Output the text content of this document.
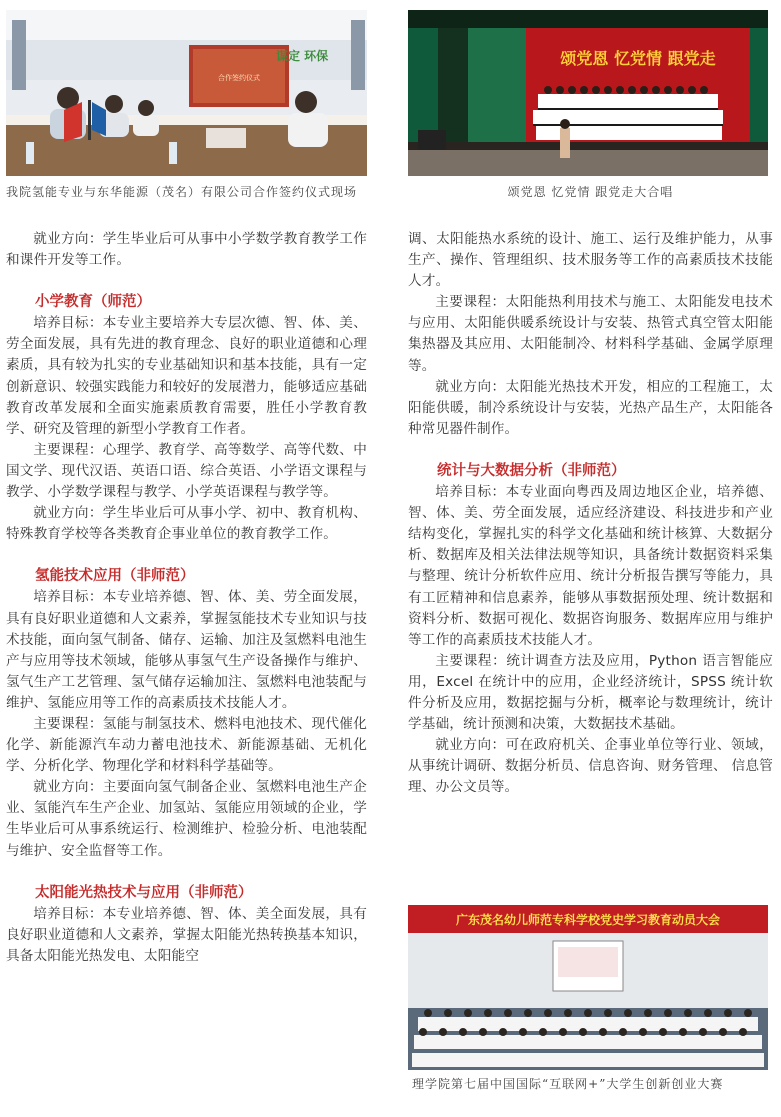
合作签约仪式
谋定 环保

我院氢能专业与东华能源（茂名）有限公司合作签约仪式现场

就业方向：学生毕业后可从事中小学数学教育教学工作和课件开发等工作。

小学教育（师范）

培养目标：本专业主要培养大专层次德、智、体、美、劳全面发展，具有先进的教育理念、良好的职业道德和心理素质，具有较为扎实的专业基础知识和基本技能，具有一定创新意识、较强实践能力和较好的发展潜力，能够适应基础教育改革发展和全面实施素质教育需要，胜任小学教育教学、研究及管理的新型小学教育工作者。

主要课程：心理学、教育学、高等数学、高等代数、中国文学、现代汉语、英语口语、综合英语、小学语文课程与教学、小学数学课程与教学、小学英语课程与教学等。

就业方向：学生毕业后可从事小学、初中、教育机构、特殊教育学校等各类教育企事业单位的教育教学工作。

氢能技术应用（非师范）

培养目标：本专业培养德、智、体、美、劳全面发展，具有良好职业道德和人文素养，掌握氢能技术专业知识与技术技能，面向氢气制备、储存、运输、加注及氢燃料电池生产与应用等技术领域，能够从事氢气生产设备操作与维护、氢气生产工艺管理、氢气储存运输加注、氢燃料电池装配与维护、氢能应用等工作的高素质技术技能人才。

主要课程：氢能与制氢技术、燃料电池技术、现代催化化学、新能源汽车动力蓄电池技术、新能源基础、无机化学、分析化学、物理化学和材料科学基础等。

就业方向：主要面向氢气制备企业、氢燃料电池生产企业、氢能汽车生产企业、加氢站、氢能应用领域的企业，学生毕业后可从事系统运行、检测维护、检验分析、电池装配与维护、安全监督等工作。

太阳能光热技术与应用（非师范）

培养目标：本专业培养德、智、体、美全面发展，具有良好职业道德和人文素养，掌握太阳能光热转换基本知识，具备太阳能光热发电、太阳能空

颂党恩 忆党情 跟党走

颂党恩 忆党情 跟党走大合唱

调、太阳能热水系统的设计、施工、运行及维护能力，从事生产、操作、管理组织、技术服务等工作的高素质技术技能人才。

主要课程：太阳能热利用技术与施工、太阳能发电技术与应用、太阳能供暖系统设计与安装、热管式真空管太阳能集热器及其应用、太阳能制冷、材料科学基础、金属学原理等。

就业方向：太阳能光热技术开发，相应的工程施工，太阳能供暖，制冷系统设计与安装，光热产品生产，太阳能各种常见器件制作。

统计与大数据分析（非师范）

培养目标：本专业面向粤西及周边地区企业，培养德、智、体、美、劳全面发展，适应经济建设、科技进步和产业结构变化，掌握扎实的科学文化基础和统计核算、大数据分析、数据库及相关法律法规等知识，具备统计数据资料采集与整理、统计分析软件应用、统计分析报告撰写等能力，具有工匠精神和信息素养，能够从事数据预处理、统计数据和资料分析、数据可视化、数据咨询服务、数据库应用与维护等工作的高素质技术技能人才。

主要课程：统计调查方法及应用，Python 语言智能应用，Excel 在统计中的应用，企业经济统计，SPSS 统计软件分析及应用，数据挖掘与分析，概率论与数理统计，统计学基础，统计预测和决策，大数据技术基础。

就业方向：可在政府机关、企事业单位等行业、领域，从事统计调研、数据分析员、信息咨询、财务管理、 信息管理、办公文员等。

广东茂名幼儿师范专科学校党史学习教育动员大会

理学院第七届中国国际“互联网+”大学生创新创业大赛
